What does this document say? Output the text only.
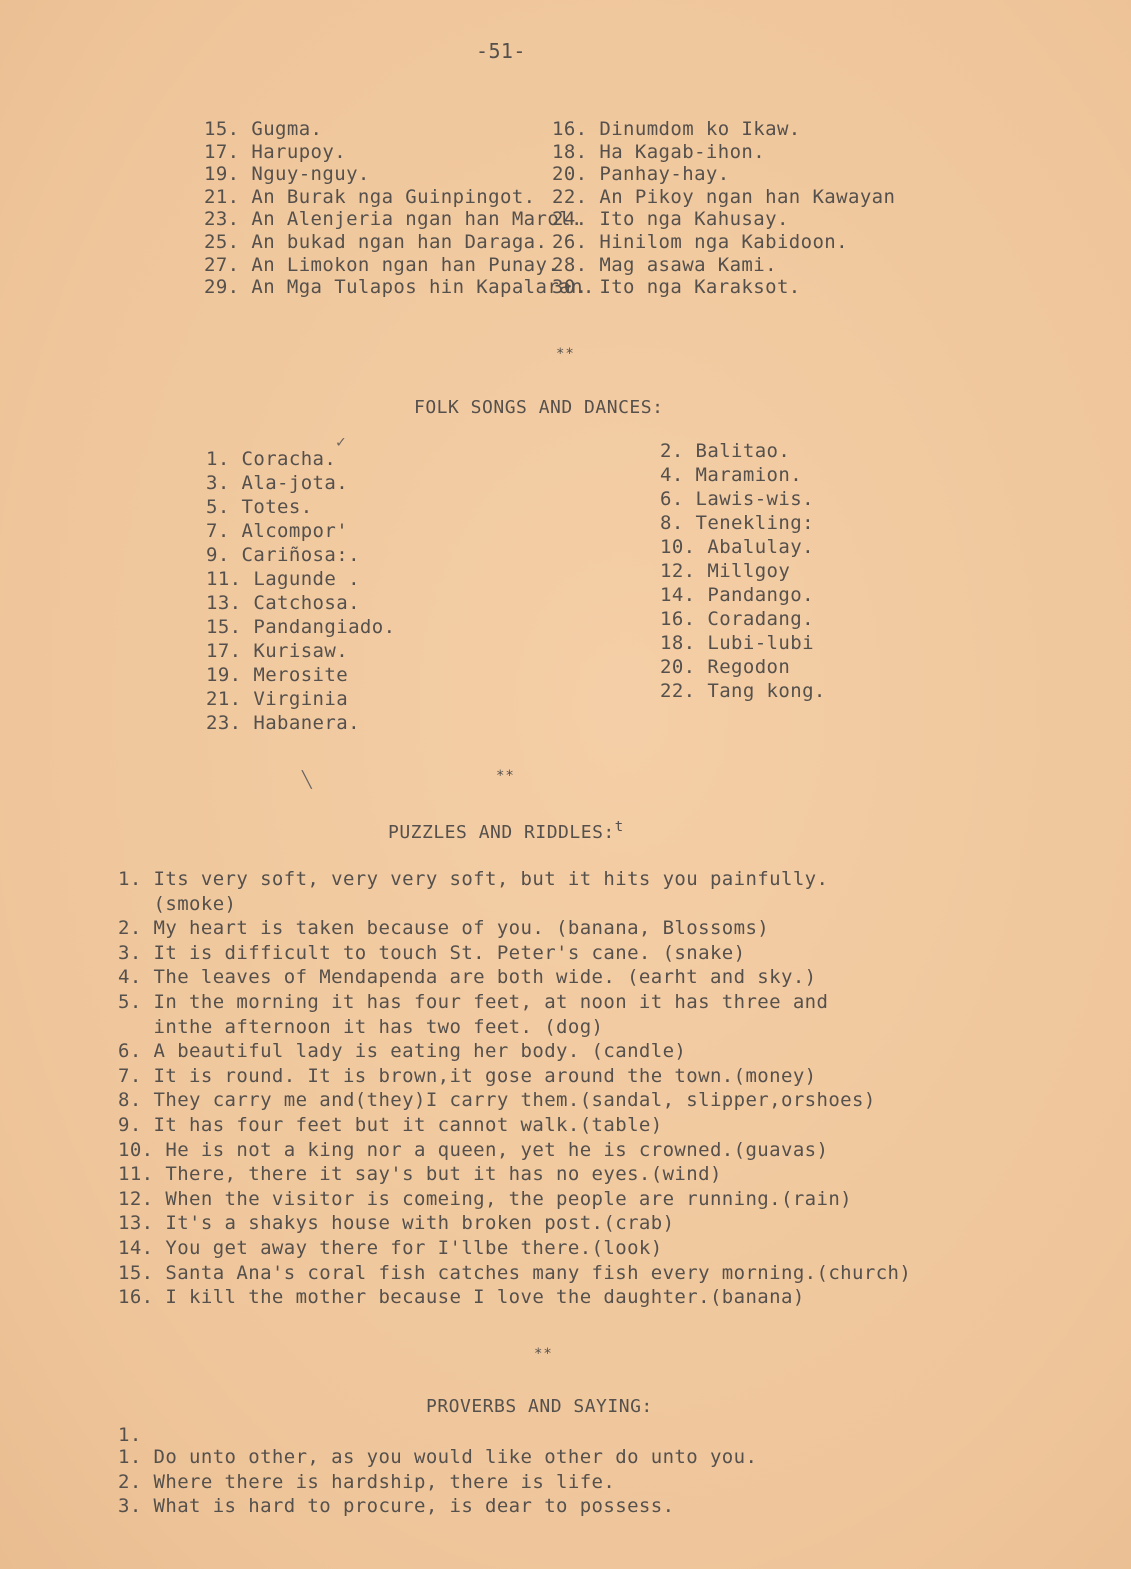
-51-
15. Gugma.
17. Harupoy.
19. Nguy-nguy.
21. An Burak nga Guinpingot.
23. An Alenjeria ngan han Marol.
25. An bukad ngan han Daraga.
27. An Limokon ngan han Punay.
29. An Mga Tulapos hin Kapalaran.
16. Dinumdom ko Ikaw.
18. Ha Kagab-ihon.
20. Panhay-hay.
22. An Pikoy ngan han Kawayan
24. Ito nga Kahusay.
26. Hinilom nga Kabidoon.
28. Mag asawa Kami.
30. Ito nga Karaksot.
**
FOLK SONGS AND DANCES:
✓
1. Coracha.
3. Ala-jota.
5. Totes.
7. Alcompor'
9. Cariñosa:.
11. Lagunde .
13. Catchosa.
15. Pandangiado.
17. Kurisaw.
19. Merosite
21. Virginia
23. Habanera.
2. Balitao.
4. Maramion.
6. Lawis-wis.
8. Tenekling:
10. Abalulay.
12. Millgoy
14. Pandango.
16. Coradang.
18. Lubi-lubi
20. Regodon
22. Tang kong.
╲	**
PUZZLES AND RIDDLES:$^t$
1. Its very soft, very very soft, but it hits you painfully.
(smoke)
2. My heart is taken because of you. (banana, Blossoms)
3. It is difficult to touch St. Peter's cane. (snake)
4. The leaves of Mendapenda are both wide. (earht and sky.)
5. In the morning it has four feet, at noon it has three and
inthe afternoon it has two feet. (dog)
6. A beautiful lady is eating her body. (candle)
7. It is round. It is brown,it gose around the town.(money)
8. They carry me and(they)I carry them.(sandal, slipper,orshoes)
9. It has four feet but it cannot walk.(table)
10. He is not a king nor a queen, yet he is crowned.(guavas)
11. There, there it say's but it has no eyes.(wind)
12. When the visitor is comeing, the people are running.(rain)
13. It's a shakys house with broken post.(crab)
14. You get away there for I'llbe there.(look)
15. Santa Ana's coral fish catches many fish every morning.(church)
16. I kill the mother because I love the daughter.(banana)
**
PROVERBS AND SAYING:
1.
1. Do unto other, as you would like other do unto you.
2. Where there is hardship, there is life.
3. What is hard to procure, is dear to possess.
